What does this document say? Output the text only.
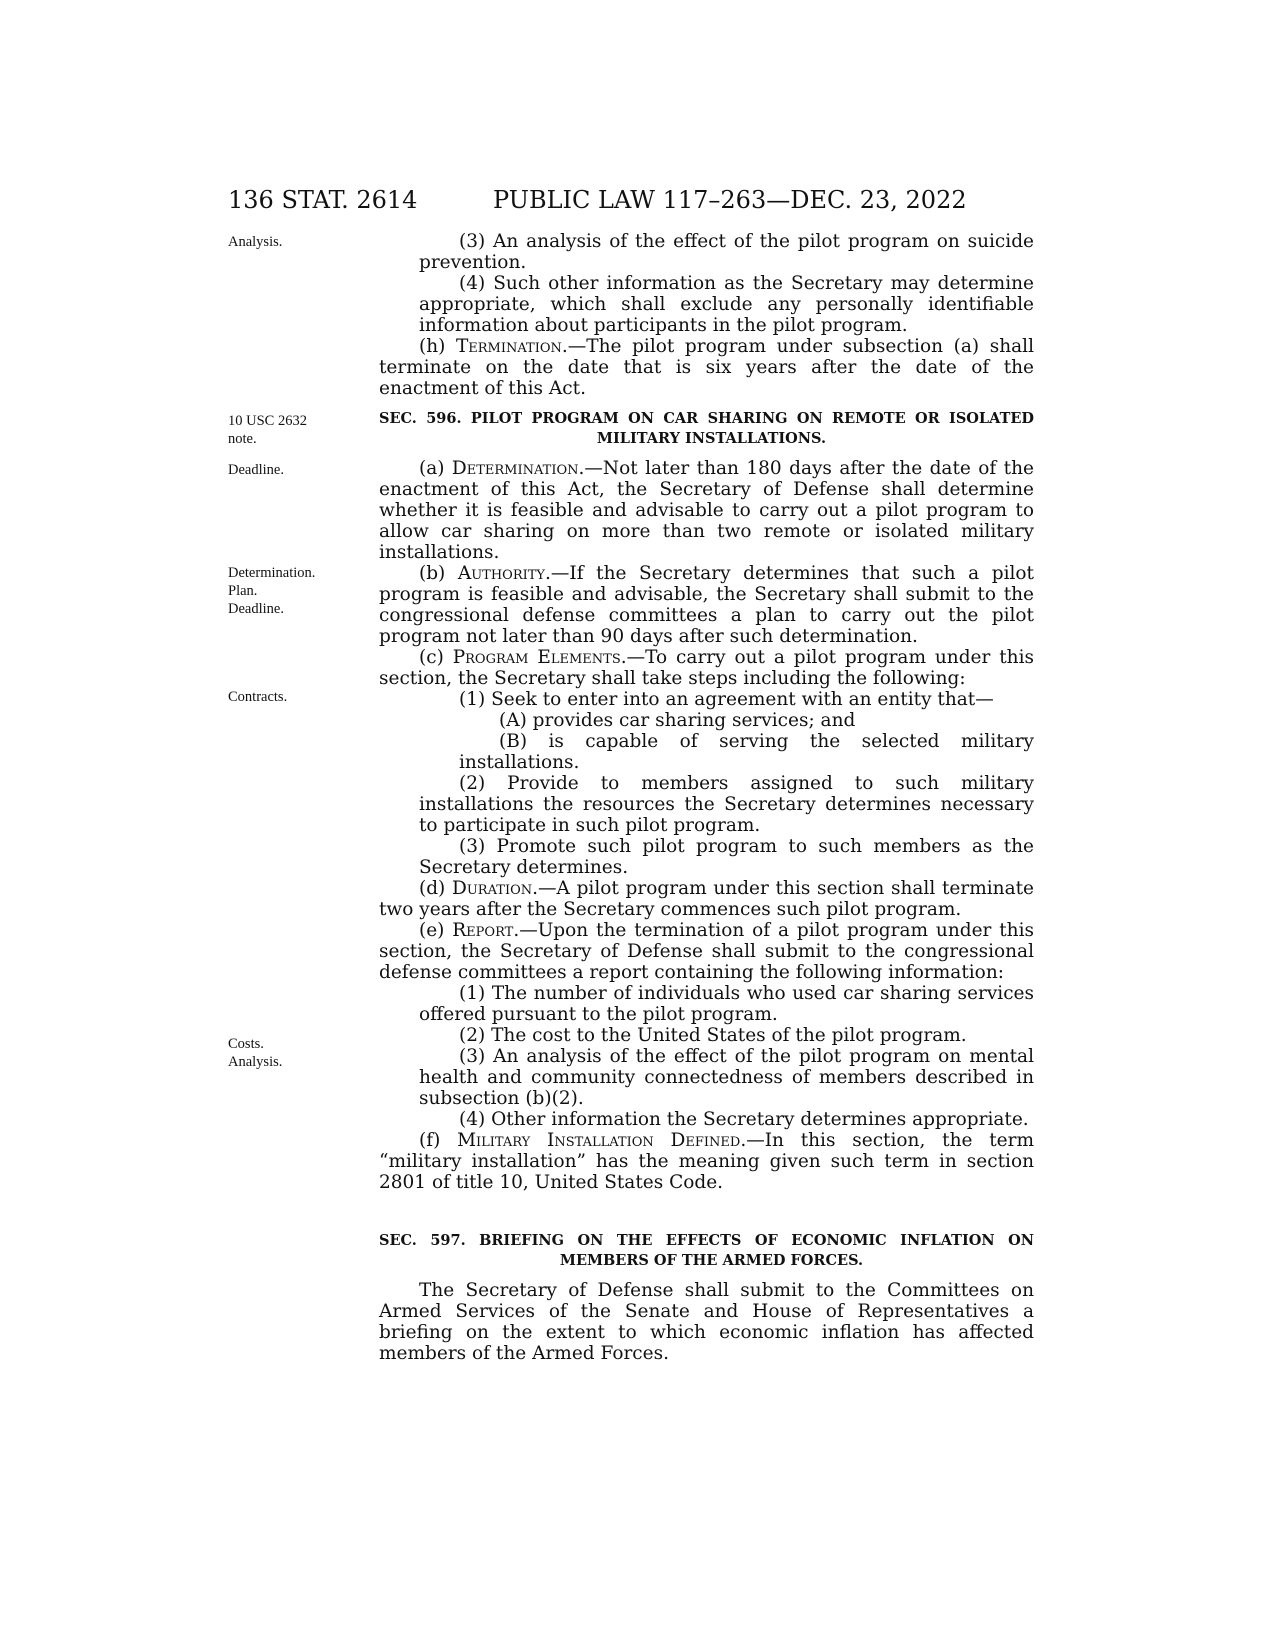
136 STAT. 2614	PUBLIC LAW 117–263—DEC. 23, 2022
Analysis.
10 USC 2632
note.
Deadline.
Determination.
Plan.
Deadline.
Contracts.
Costs.
Analysis.

(3) An analysis of the effect of the pilot program on suicide prevention.

(4) Such other information as the Secretary may determine appropriate, which shall exclude any personally identifiable information about participants in the pilot program.

(h) Termination.—The pilot program under subsection (a) shall terminate on the date that is six years after the date of the enactment of this Act.

SEC. 596. PILOT PROGRAM ON CAR SHARING ON REMOTE OR ISOLATED
MILITARY INSTALLATIONS.

(a) Determination.—Not later than 180 days after the date of the enactment of this Act, the Secretary of Defense shall determine whether it is feasible and advisable to carry out a pilot program to allow car sharing on more than two remote or isolated military installations.

(b) Authority.—If the Secretary determines that such a pilot program is feasible and advisable, the Secretary shall submit to the congressional defense committees a plan to carry out the pilot program not later than 90 days after such determination.

(c) Program Elements.—To carry out a pilot program under this section, the Secretary shall take steps including the following:

(1) Seek to enter into an agreement with an entity that—

(A) provides car sharing services; and

(B) is capable of serving the selected military installations.

(2) Provide to members assigned to such military installations the resources the Secretary determines necessary to participate in such pilot program.

(3) Promote such pilot program to such members as the Secretary determines.

(d) Duration.—A pilot program under this section shall terminate two years after the Secretary commences such pilot program.

(e) Report.—Upon the termination of a pilot program under this section, the Secretary of Defense shall submit to the congressional defense committees a report containing the following information:

(1) The number of individuals who used car sharing services offered pursuant to the pilot program.

(2) The cost to the United States of the pilot program.

(3) An analysis of the effect of the pilot program on mental health and community connectedness of members described in subsection (b)(2).

(4) Other information the Secretary determines appropriate.

(f) Military Installation Defined.—In this section, the term “military installation” has the meaning given such term in section 2801 of title 10, United States Code.

SEC. 597. BRIEFING ON THE EFFECTS OF ECONOMIC INFLATION ON
MEMBERS OF THE ARMED FORCES.

The Secretary of Defense shall submit to the Committees on Armed Services of the Senate and House of Representatives a briefing on the extent to which economic inflation has affected members of the Armed Forces.
